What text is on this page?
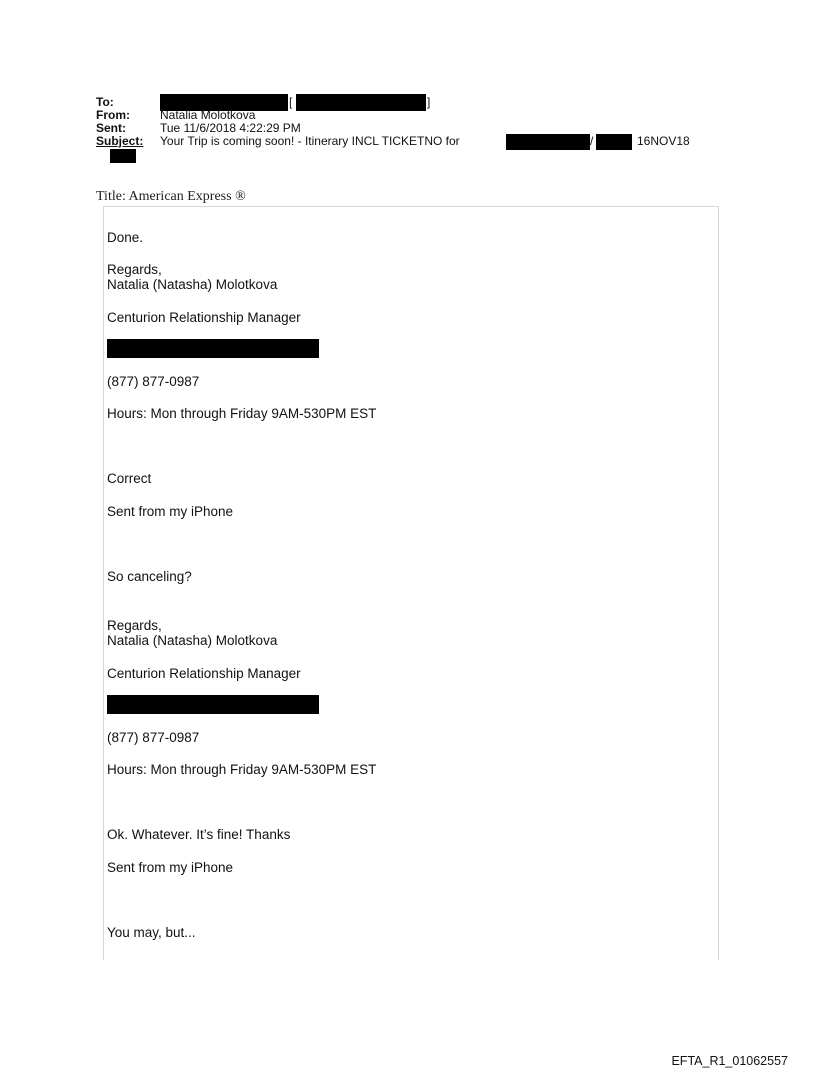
To:	[	]
From:	Natalia Molotkova
Sent:	Tue 11/6/2018 4:22:29 PM
Subject: Your Trip is coming soon! - Itinerary INCL TICKETNO for	/	16NOV18
Title: American Express ®
Done.
Regards,
Natalia (Natasha) Molotkova
Centurion Relationship Manager
(877) 877-0987
Hours: Mon through Friday 9AM-530PM EST
Correct
Sent from my iPhone
So canceling?
Regards,
Natalia (Natasha) Molotkova
Centurion Relationship Manager
(877) 877-0987
Hours: Mon through Friday 9AM-530PM EST
Ok. Whatever. It’s fine! Thanks
Sent from my iPhone
You may, but...
EFTA_R1_01062557
